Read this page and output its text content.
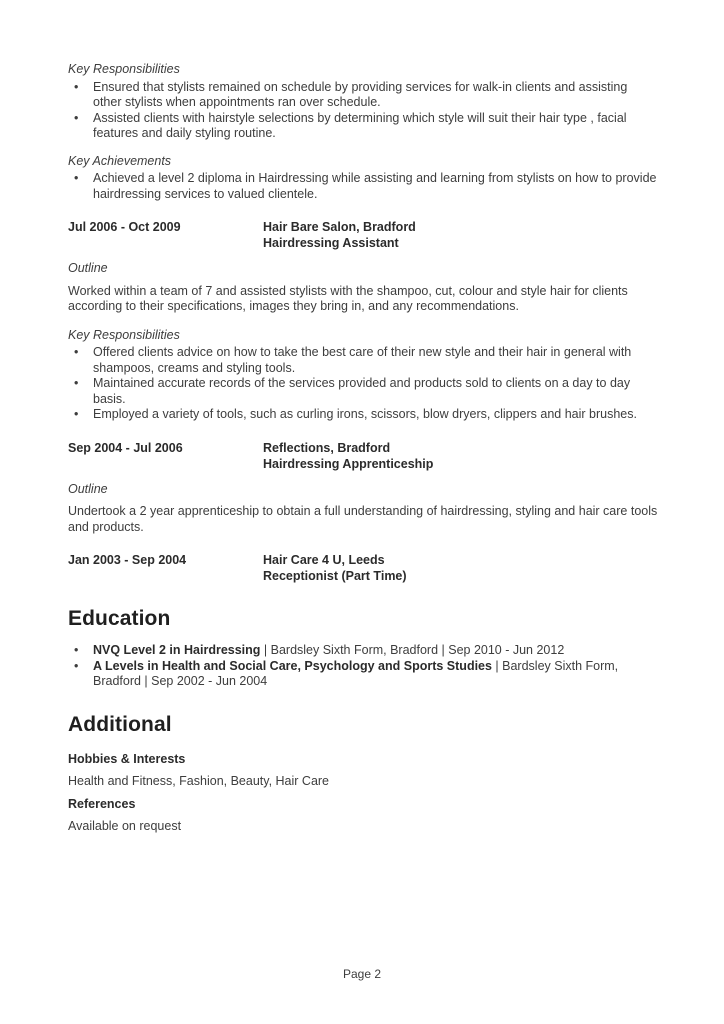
Key Responsibilities

• Ensured that stylists remained on schedule by providing services for walk-in clients and assisting other stylists when appointments ran over schedule.
• Assisted clients with hairstyle selections by determining which style will suit their hair type , facial features and daily styling routine.

Key Achievements

• Achieved a level 2 diploma in Hairdressing while assisting and learning from stylists on how to provide hairdressing services to valued clientele.
Jul 2006 - Oct 2009	Hair Bare Salon, Bradford
Hairdressing Assistant

Outline

Worked within a team of 7 and assisted stylists with the shampoo, cut, colour and style hair for clients according to their specifications, images they bring in, and any recommendations.

Key Responsibilities

• Offered clients advice on how to take the best care of their new style and their hair in general with shampoos, creams and styling tools.
• Maintained accurate records of the services provided and products sold to clients on a day to day basis.
• Employed a variety of tools, such as curling irons, scissors, blow dryers, clippers and hair brushes.
Sep 2004 - Jul 2006	Reflections, Bradford
Hairdressing Apprenticeship

Outline

Undertook a 2 year apprenticeship to obtain a full understanding of hairdressing, styling and hair care tools and products.

Jan 2003 - Sep 2004	Hair Care 4 U, Leeds
Receptionist (Part Time)
Education
• NVQ Level 2 in Hairdressing | Bardsley Sixth Form, Bradford | Sep 2010 - Jun 2012
• A Levels in Health and Social Care, Psychology and Sports Studies | Bardsley Sixth Form, Bradford | Sep 2002 - Jun 2004
Additional

Hobbies & Interests

Health and Fitness, Fashion, Beauty, Hair Care

References

Available on request

Page 2
